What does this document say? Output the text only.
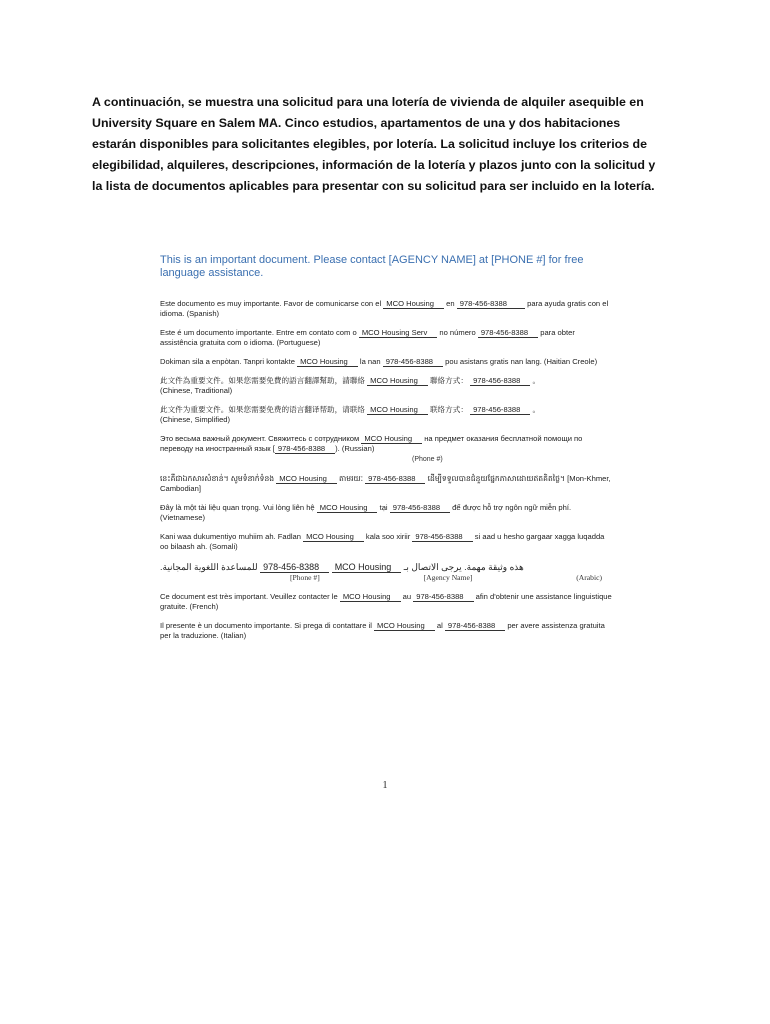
A continuación, se muestra una solicitud para una lotería de vivienda de alquiler asequible en University Square en Salem MA. Cinco estudios, apartamentos de una y dos habitaciones estarán disponibles para solicitantes elegibles, por lotería. La solicitud incluye los criterios de elegibilidad, alquileres, descripciones, información de la lotería y plazos junto con la solicitud y la lista de documentos aplicables para presentar con su solicitud para ser incluido en la lotería.
This is an important document. Please contact [AGENCY NAME] at [PHONE #] for free language assistance.
Este documento es muy importante. Favor de comunicarse con el MCO Housing en 978-456-8388	para ayuda gratis con el idioma. (Spanish)
Este é um documento importante. Entre em contato com o MCO Housing Serv no número 978-456-8388 para obter assistência gratuita com o idioma. (Portuguese)
Dokiman sila a enpòtan. Tanpri kontakte MCO Housing la nan 978-456-8388 pou asistans gratis nan lang. (Haitian Creole)
此文件為重要文件。如果您需要免費的語言翻譯幫助，請聯絡 MCO Housing 聯絡方式： 978-456-8388 。
(Chinese, Traditional)
此文件为重要文件。如果您需要免费的语言翻译帮助，请联络 MCO Housing 联络方式： 978-456-8388 。
(Chinese, Simplified)
Это весьма важный документ. Свяжитесь с сотрудником MCO Housing на предмет оказания бесплатной помощи по переводу на иностранный язык [ 978-456-8388 ). (Russian)
(Phone #)
នេះគឺជាឯកសារសំខាន់។ សូមទំនាក់ទំនង MCO Housing តាមរយៈ 978-456-8388 ដើម្បីទទួលបានជំនួយផ្នែកភាសាដោយឥតគិតថ្លៃ។ [Mon-Khmer, Cambodian]
Đây là một tài liệu quan trọng. Vui lòng liên hệ MCO Housing tại 978-456-8388 để được hỗ trợ ngôn ngữ miễn phí. (Vietnamese)
Kani waa dukumentiyo muhiim ah. Fadlan MCO Housing kala soo xiriir 978-456-8388 si aad u hesho gargaar xagga luqadda oo bilaash ah. (Somali)
هذه وثيقة مهمة. يرجى الاتصال بـ MCO Housing 978-456-8388 للمساعدة اللغوية المجانية.
[Phone #]	[Agency Name]	(Arabic)
Ce document est très important. Veuillez contacter le MCO Housing au 978-456-8388 afin d'obtenir une assistance linguistique gratuite. (French)
Il presente è un documento importante. Si prega di contattare il MCO Housing al 978-456-8388 per avere assistenza gratuita per la traduzione. (Italian)
1
